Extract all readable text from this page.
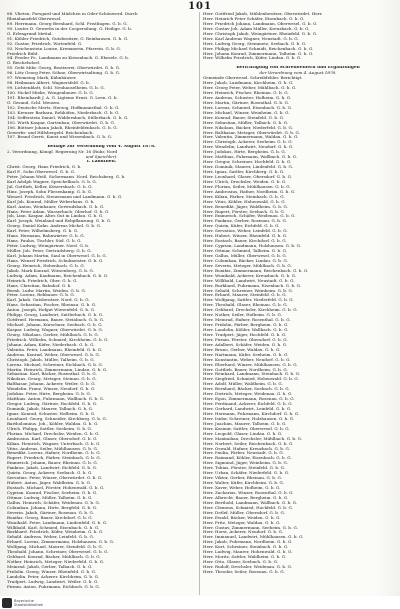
101
88. Vlieten, Forsgard und Mädchen in Oder-Schönwerd. Durch
Rheinhausfeld Oberwesel.
89. Herrmann. Georg Bernhard, Schl. Fristlingen. G. b. G.
90. Leuter D. Gewerbs in der Coopersilung. G. Heilige. G. b.
G. Erlengrund Mettal.
91. Köhler Friedrich, Gutsbesitzer, G. Reinhausen. G. b. G.
92. Gustav, Friedrich, Wirtenfeld. G.
93. Neichenstein Louise, Kremmerin, Pfarrein. G. b. G.
Friedrich Bühl.
94. Feeder Fr., Landmann zu Kiesenbach. G. Ehesele. G. b.
G. Reichelsdorf.
95. Geht Mihr. Georg, Besitzerei, Oberwürdet. G. b. G.
96. Lötz Georg Peter, Söhne, Oberwirtsaltung. G. b. G.
97. Wiemeing Mark, Kühnhäuser.
98. Heilmann Albert, Wagnersfeld. G. b.
99. Lichtenblatt, Schl. Neuhauselheim. G. b. G.
100. Nickel Mieke, Wengenbauer. G. b. G.
101. Rheinhardt J. A. G. Ligteme Ernst. G. Leen. G. b.
G. Gesund, Schl. Meusen.
102. Deutsche Mertz, Herzog, Hoffmannsthal. G. b. G.
103. Kreuzer Barbara, Rehhöfen, Niederbach. G. b. G.
104. Sefferstein Daniel, Widdernbach, Stillerbach. G. b. G.
105. Wirth Kaspar, Gartenbau, Oberwürdet. G. b. G.
106. Büttner Johann Jakob, Rheinfeldenbach. G. b. G.
Gewerbs- und Hilfsbergeld. Reichenbach.
107. Brand Gerrit, Kunst und Wiesenbach. G. b. G.
Beilage zur Verordnung vom 4. August 1878.
2. Verordnung, Königl. Regierung Nr. 16 (Ruhr, Nord
und Speichler).
I. Landtheil.
Christ. Georg, Hans Friedrich, G. b.
Karl F., Sohn Oberwesel. G. b. G.
Peter. Johann Weiß, Sichermann. Nord. Reichsberg. G. b.
Karl Adolph Wagner, Speichelbach. G. b. G.
Jul. Gottlieb, Keller, Kötzersbach. G. b. G.
Hinz. Joseph, Sohn Fliesenkamp. G. b. G.
Wenzel. Friedrich, Steuermann und Landmann. G. b. G.
Karl Joh. Konrad, Müller Weberhaus. G. b.
Karl. Anton, Weinbauer, Gertrudsbach. G. b. G.
Hans. Peter Adam, Wasserbach, Oberhof. G. b. G.
Joh. Linn. Kaspar, Altes Gut in Lindau. G. b. G.
Karl. Joseph, Weinland und Rebpflanzung. G. b. G.
Georg. Daniel Kahn. Andreas Michel. G. b. G.
Karl. Peter, Wilhelmsberg. G. b. G.
Hans. Hermann, Bahnwärter. G. b. G.
Hans. Paulus, Tischler, Süd. G. b. G.
Peter. Ludwig, Weingärtner. Nord. G. b.
Müller. Joh. Peter, Gertrudsberg. G. b. G.
Karl. Johann Martin, Saul in Oberwesel. G. b. G.
Hans. Wenzel Friedrich, Schulmeister. G. b. G.
Georg. Heinrich, Hohenbach. G. b. G.
Jakob. Mark Konrad, Wiesenberg. G. b. G.
Ludwig. Adam, Kaufmann, Reichenbach. G. b. G.
Heinrich. Friedrich, Ober. G. b. G.
Hans. Christian, Bahnhof. G. b.
Bernh. Ludw. Martin, Weiden. G. b. G.
Peter. Lorenz, Rebbauer. G. b. G.
Karl. Jakob, Gutsbesitzer, Nord. G. b. G.
Hans. Sebastian, Fischer, Rheinau. G. b. G.
Anton. Joseph, Hofgut Wiesenfeld. G. b. G.
Philipp. Georg, Landwirt, Sattlerbach. G. b. G.
Gottfried. Hermann, Bauer, Steinbach. G. b. G.
Michael. Johann, Kürschner, Seebach. G. b. G.
Kaspar. Ludwig, Wagner, Oberwürdet. G. b. G.
Georg. Nikolaus, Gerber, Mühlbach. G. b. G.
Friedrich. Wilhelm, Schmied, Kirchheim. G. b. G.
Johann. Adam, Küfer, Niederbach. G. b. G.
Valentin. Peter, Landmann, Rheinfeld. G. b. G.
Andreas. Konrad, Weber, Oberwesel. G. b. G.
Christoph. Jakob, Müller, Talheim. G. b. G.
Lorenz. Michael, Schreiner, Eichbach. G. b. G.
Martin. Heinrich, Zimmermann, Lindau. G. b. G.
Sebastian. Karl, Bäcker, Rosenthal. G. b. G.
Nikolaus. Georg, Metzger, Steinau. G. b. G.
Balthasar. Johann, Ackerer, Weiler. G. b. G.
Wendelin. Franz, Winzer, Neudorf. G. b. G.
Jodokus. Peter, Hirte, Bergheim. G. b. G.
Matthias. Anton, Fuhrmann, Wallbach. G. b. G.
Gregor. Ludwig, Gärtner, Hochfeld. G. b. G.
Dominik. Jakob, Maurer, Talbach. G. b. G.
Ignaz. Konrad, Schuster, Hofheim. G. b. G.
Leonhard. Georg, Schneider, Kirchberg. G. b. G.
Bartholomäus. Joh., Köhler, Waldau. G. b. G.
Ulrich. Philipp, Sattler, Seeheim. G. b. G.
Florian. Michael, Drechsler, Weiden. G. b. G.
Ambrosius. Karl, Glaser, Obersdorf. G. b. G.
Kilian. Heinrich, Wagner, Unterbach. G. b. G.
Vitus. Andreas, Seiler, Mühlhausen. G. b. G.
Benedikt. Lorenz, Hafner, Nordheim. G. b. G.
Rupert. Friedrich, Färber, Steinbach. G. b. G.
Emmerich. Johann, Bauer, Rheinau. G. b. G.
Pankraz. Jakob, Landwirt, Eichfeld. G. b. G.
Quirin. Georg, Ackerer, Seebach. G. b. G.
Servatius. Peter, Winzer, Oberwürdet. G. b. G.
Hubert. Anton, Jäger, Waldheim. G. b. G.
Eustach. Michael, Förster, Hohenwald. G. b. G.
Cyprian. Konrad, Fischer, Seeheim. G. b. G.
Ottmar. Ludwig, Müller, Talheim. G. b. G.
Gallus. Heinrich, Schäfer, Weidenau. G. b. G.
Columban. Johann, Hirte, Bergfeld. G. b. G.
Severin. Jakob, Gärtner, Rosenau. G. b. G.
Bonifaz. Georg, Bauer, Kirchdorf. G. b. G.
Wunibald. Peter, Landmann, Lindenfeld. G. b. G.
Willibald. Karl, Schmied, Eisenbach. G. b. G.
Burkhard. Friedrich, Küfer, Weinheim. G. b. G.
Sebald. Andreas, Weber, Leinfeld. G. b. G.
Erhard. Lorenz, Zimmermann, Holzhausen. G. b. G.
Wolfgang. Michael, Maurer, Steinfeld. G. b. G.
Theobald. Johann, Schreiner, Oberwesel. G. b. G.
Gebhard. Konrad, Bäcker, Mühlbach. G. b. G.
Notker. Heinrich, Metzger, Niederfeld. G. b. G.
Meinrad. Jakob, Gerber, Talbach. G. b. G.
Fridolin. Georg, Winzer, Rheinfeld. G. b. G.
Landolin. Peter, Ackerer, Kirchheim. G. b. G.
Trudpert. Ludwig, Landwirt, Weiler. G. b. G.
Pirmin. Anton, Fuhrmann, Eichbach. G. b. G.
Herr. Gottfried Jakob, Mühlenbesitzer, Oberwürdet. Herr.
Herr. Heinrich Peter Schäfer, Eisenbach. G. b. G.
Herr. Friedrich Johann, Landmann, Oberwesel. G. b. G.
Herr. Gustav Joh. Adam Müller, Kreuzbach. G. b. G.
Herr. Christoph Jakob, Weingärtner, Rheinfeld. G. b. G.
Herr. Karl Andreas Wagner, Neustadt. G. b. G.
Herr. Ludwig Georg, Steinmetz, Seebach. G. b. G.
Herr. Philipp Michael Schmidt, Reichenbach. G. b. G.
Herr. Johann Konrad, Zimmermann, Talheim. G. b. G.
Herr. Wilhelm Friedrich, Küfer, Lindau. G. b. G.
Berichtigung von Schreibfehlern und Ergänzungen
der Verordnung vom 4. August 1878.
Gemeinde Oberwesel. Schreibfehler. Berichtigt.
Herr. Jakob, Landmann, Kirchheim. G. b. G.
Herr. Georg Peter, Weber, Mühlbach. G. b. G.
Herr. Heinrich, Fischer, Rheinau. G. b. G.
Herr. Andreas, Schuster, Hofheim. G. b. G.
Herr. Martin, Gärtner, Rosenthal. G. b. G.
Herr. Lorenz, Schmied, Eisenbach. G. b. G.
Herr. Michael, Winzer, Weinheim. G. b. G.
Herr. Konrad, Bauer, Steinfeld. G. b. G.
Herr. Sebastian, Müller, Talbach. G. b. G.
Herr. Nikolaus, Bäcker, Niederfeld. G. b. G.
Herr. Balthasar, Metzger, Oberwürdet. G. b. G.
Herr. Valentin, Zimmermann, Waldau. G. b. G.
Herr. Christoph, Ackerer, Seeheim. G. b. G.
Herr. Wendelin, Landwirt, Neudorf. G. b. G.
Herr. Jodokus, Hirte, Bergheim. G. b. G.
Herr. Matthias, Fuhrmann, Wallbach. G. b. G.
Herr. Gregor, Schreiner, Hochfeld. G. b. G.
Herr. Dominik, Maurer, Lindenfeld. G. b. G.
Herr. Ignaz, Sattler, Kirchberg. G. b. G.
Herr. Leonhard, Glaser, Obersdorf. G. b. G.
Herr. Ulrich, Drechsler, Weiden. G. b. G.
Herr. Florian, Seiler, Mühlhausen. G. b. G.
Herr. Ambrosius, Hafner, Nordheim. G. b. G.
Herr. Kilian, Färber, Steinbach. G. b. G.
Herr. Vitus, Köhler, Hohenwald. G. b. G.
Herr. Benedikt, Jäger, Waldheim. G. b. G.
Herr. Rupert, Förster, Seebach. G. b. G.
Herr. Emmerich, Schäfer, Weidenau. G. b. G.
Herr. Pankraz, Gerber, Rosenau. G. b. G.
Herr. Quirin, Küfer, Eichfeld. G. b. G.
Herr. Servatius, Weber, Leinfeld. G. b. G.
Herr. Hubert, Winzer, Rheinfeld. G. b. G.
Herr. Eustach, Bauer, Kirchdorf. G. b. G.
Herr. Cyprian, Landmann, Holzhausen. G. b. G.
Herr. Ottmar, Schmied, Talheim. G. b. G.
Herr. Gallus, Müller, Oberwesel. G. b. G.
Herr. Columban, Bäcker, Lindau. G. b. G.
Herr. Severin, Metzger, Mühlbach. G. b. G.
Herr. Bonifaz, Zimmermann, Reichenbach. G. b. G.
Herr. Wunibald, Ackerer, Kreuzbach. G. b. G.
Herr. Willibald, Landwirt, Neustadt. G. b. G.
Herr. Burkhard, Fuhrmann, Eisenbach. G. b. G.
Herr. Sebald, Schreiner, Weinheim. G. b. G.
Herr. Erhard, Maurer, Steinfeld. G. b. G.
Herr. Wolfgang, Sattler, Niederfeld. G. b. G.
Herr. Theobald, Glaser, Rheinau. G. b. G.
Herr. Gebhard, Drechsler, Kirchheim. G. b. G.
Herr. Notker, Seiler, Hofheim. G. b. G.
Herr. Meinrad, Hafner, Rosenthal. G. b. G.
Herr. Fridolin, Färber, Bergheim. G. b. G.
Herr. Landolin, Köhler, Wallbach. G. b. G.
Herr. Trudpert, Jäger, Hochfeld. G. b. G.
Herr. Pirmin, Förster, Obersdorf. G. b. G.
Herr. Adalbert, Schäfer, Weiden. G. b. G.
Herr. Bruno, Gerber, Waldau. G. b. G.
Herr. Hartmann, Küfer, Seeheim. G. b. G.
Herr. Konstantin, Weber, Neudorf. G. b. G.
Herr. Eberhard, Winzer, Mühlhausen. G. b. G.
Herr. Gottlieb, Bauer, Nordheim. G. b. G.
Herr. Reinhard, Landmann, Steinbach. G. b. G.
Herr. Siegfried, Schmied, Hohenwald. G. b. G.
Herr. Adolf, Müller, Waldheim. G. b. G.
Herr. Bernhard, Bäcker, Seebach. G. b. G.
Herr. Dietrich, Metzger, Weidenau. G. b. G.
Herr. Egon, Zimmermann, Rosenau. G. b. G.
Herr. Ferdinand, Ackerer, Eichfeld. G. b. G.
Herr. Gerhard, Landwirt, Leinfeld. G. b. G.
Herr. Hermann, Fuhrmann, Kirchdorf. G. b. G.
Herr. Isidor, Schreiner, Holzhausen. G. b. G.
Herr. Joachim, Maurer, Talheim. G. b. G.
Herr. Kasimir, Sattler, Oberwesel. G. b. G.
Herr. Leopold, Glaser, Lindau. G. b. G.
Herr. Maximilian, Drechsler, Mühlbach. G. b. G.
Herr. Norbert, Seiler, Reichenbach. G. b. G.
Herr. Oswald, Hafner, Kreuzbach. G. b. G.
Herr. Paulin, Färber, Neustadt. G. b. G.
Herr. Raimund, Köhler, Eisenbach. G. b. G.
Herr. Sigmund, Jäger, Weinheim. G. b. G.
Herr. Tobias, Förster, Steinfeld. G. b. G.
Herr. Urban, Schäfer, Niederfeld. G. b. G.
Herr. Viktor, Gerber, Rheinau. G. b. G.
Herr. Walter, Küfer, Kirchheim. G. b. G.
Herr. Xaver, Weber, Hofheim. G. b. G.
Herr. Zacharias, Winzer, Rosenthal. G. b. G.
Herr. Albrecht, Bauer, Bergheim. G. b. G.
Herr. Berthold, Landmann, Wallbach. G. b. G.
Herr. Clemens, Schmied, Hochfeld. G. b. G.
Herr. Detlef, Müller, Obersdorf. G. b. G.
Herr. Ewald, Bäcker, Weiden. G. b. G.
Herr. Fritz, Metzger, Waldau. G. b. G.
Herr. Gustav, Zimmermann, Seeheim. G. b. G.
Herr. Horst, Ackerer, Neudorf. G. b. G.
Herr. Immanuel, Landwirt, Mühlhausen. G. b. G.
Herr. Jakob, Fuhrmann, Nordheim. G. b. G.
Herr. Kurt, Schreiner, Steinbach. G. b. G.
Herr. Ludwig, Maurer, Hohenwald. G. b. G.
Herr. Moritz, Sattler, Waldheim. G. b. G.
Herr. Otto, Glaser, Seebach. G. b. G.
Herr. Rudolf, Drechsler, Weidenau. G. b. G.
Herr. Theodor, Seiler, Rosenau. G. b. G.
Bayerische
Staatsbibliothek
